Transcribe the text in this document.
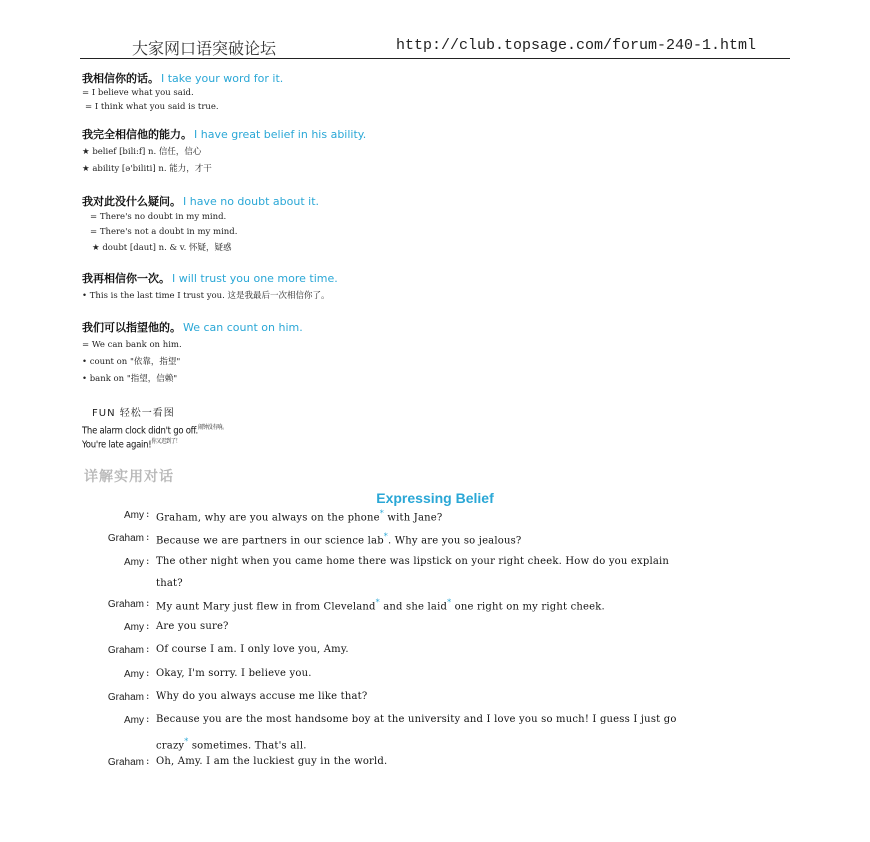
大家网口语突破论坛	http://club.topsage.com/forum-240-1.html
我相信你的话。 I take your word for it.
= I believe what you said.
= I think what you said is true.
我完全相信他的能力。 I have great belief in his ability.
★ belief [bili:f] n. 信任，信心
★ ability [ə'biliti] n. 能力，才干
我对此没什么疑问。 I have no doubt about it.
= There's no doubt in my mind.
= There's not a doubt in my mind.
★ doubt [daut] n. & v. 怀疑，疑惑
我再相信你一次。 I will trust you one more time.
• This is the last time I trust you. 这是我最后一次相信你了。
我们可以指望他的。 We can count on him.
= We can bank on him.
• count on "依靠，指望"
• bank on "指望，信赖"
FUN 轻松一看图
The alarm clock didn't go off.$^{闹钟没有响。}$
You're late again!$^{你又迟到了!}$
详解实用对话
Expressing Belief
Amy : Graham, why are you always on the phone* with Jane?
Graham : Because we are partners in our science lab*. Why are you so jealous?
Amy : The other night when you came home there was lipstick on your right cheek. How do you explain
that?
Graham : My aunt Mary just flew in from Cleveland* and she laid* one right on my right cheek.
Amy : Are you sure?
Graham : Of course I am. I only love you, Amy.
Amy : Okay, I'm sorry. I believe you.
Graham : Why do you always accuse me like that?
Amy : Because you are the most handsome boy at the university and I love you so much! I guess I just go
crazy* sometimes. That's all.
Graham : Oh, Amy. I am the luckiest guy in the world.
